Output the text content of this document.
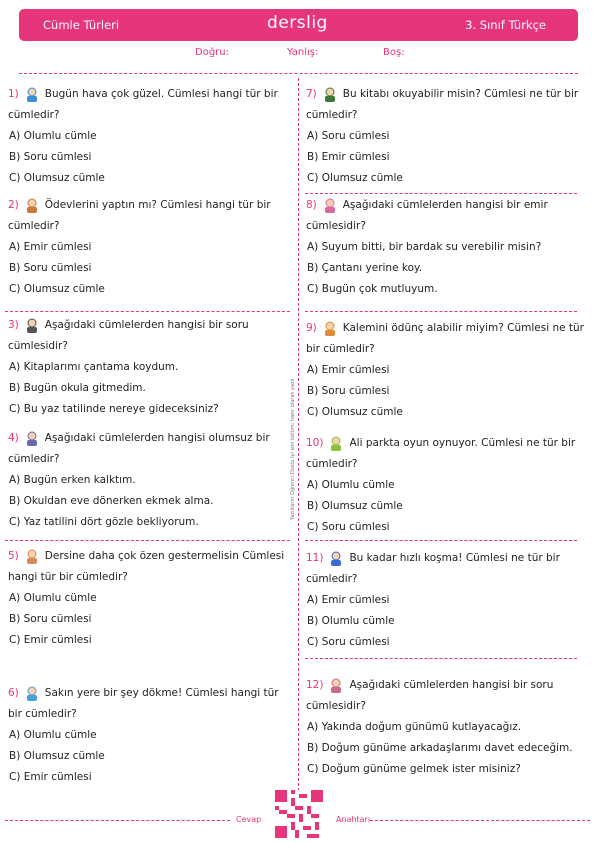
Cümle Türleri	derslig	3. Sınıf Türkçe
Doğru:	Yanlış:	Boş:
Yazılıların Oğrenci Dostu İyi son bölüm; hazır olarak yazıl

1) Bugün hava çok güzel. Cümlesi hangi tür bir

cümledir?

A) Olumlu cümle

B) Soru cümlesi

C) Olumsuz cümle

2) Ödevlerini yaptın mı? Cümlesi hangi tür bir

cümledir?

A) Emir cümlesi

B) Soru cümlesi

C) Olumsuz cümle

3) Aşağıdaki cümlelerden hangisi bir soru

cümlesidir?

A) Kitaplarımı çantama koydum.

B) Bugün okula gitmedim.

C) Bu yaz tatilinde nereye gideceksiniz?

4) Aşağıdaki cümlelerden hangisi olumsuz bir

cümledir?

A) Bugün erken kalktım.

B) Okuldan eve dönerken ekmek alma.

C) Yaz tatilini dört gözle bekliyorum.

5) Dersine daha çok özen gestermelisin Cümlesi

hangi tür bir cümledir?

A) Olumlu cümle

B) Soru cümlesi

C) Emir cümlesi

6) Sakın yere bir şey dökme! Cümlesi hangi tür

bir cümledir?

A) Olumlu cümle

B) Olumsuz cümle

C) Emir cümlesi

7) Bu kitabı okuyabilir misin? Cümlesi ne tür bir

cümledir?

A) Soru cümlesi

B) Emir cümlesi

C) Olumsuz cümle

8) Aşağıdaki cümlelerden hangisi bir emir

cümlesidir?

A) Suyum bitti, bir bardak su verebilir misin?

B) Çantanı yerine koy.

C) Bugün çok mutluyum.

9) Kalemini ödünç alabilir miyim? Cümlesi ne tür

bir cümledir?

A) Emir cümlesi

B) Soru cümlesi

C) Olumsuz cümle

10) Ali parkta oyun oynuyor. Cümlesi ne tür bir

cümledir?

A) Olumlu cümle

B) Olumsuz cümle

C) Soru cümlesi

11) Bu kadar hızlı koşma! Cümlesi ne tür bir

cümledir?

A) Emir cümlesi

B) Olumlu cümle

C) Soru cümlesi

12) Aşağıdaki cümlelerden hangisi bir soru

cümlesidir?

A) Yakında doğum günümü kutlayacağız.

B) Doğum günüme arkadaşlarımı davet edeceğim.

C) Doğum günüme gelmek ister misiniz?

Cevap	Anahtarı
